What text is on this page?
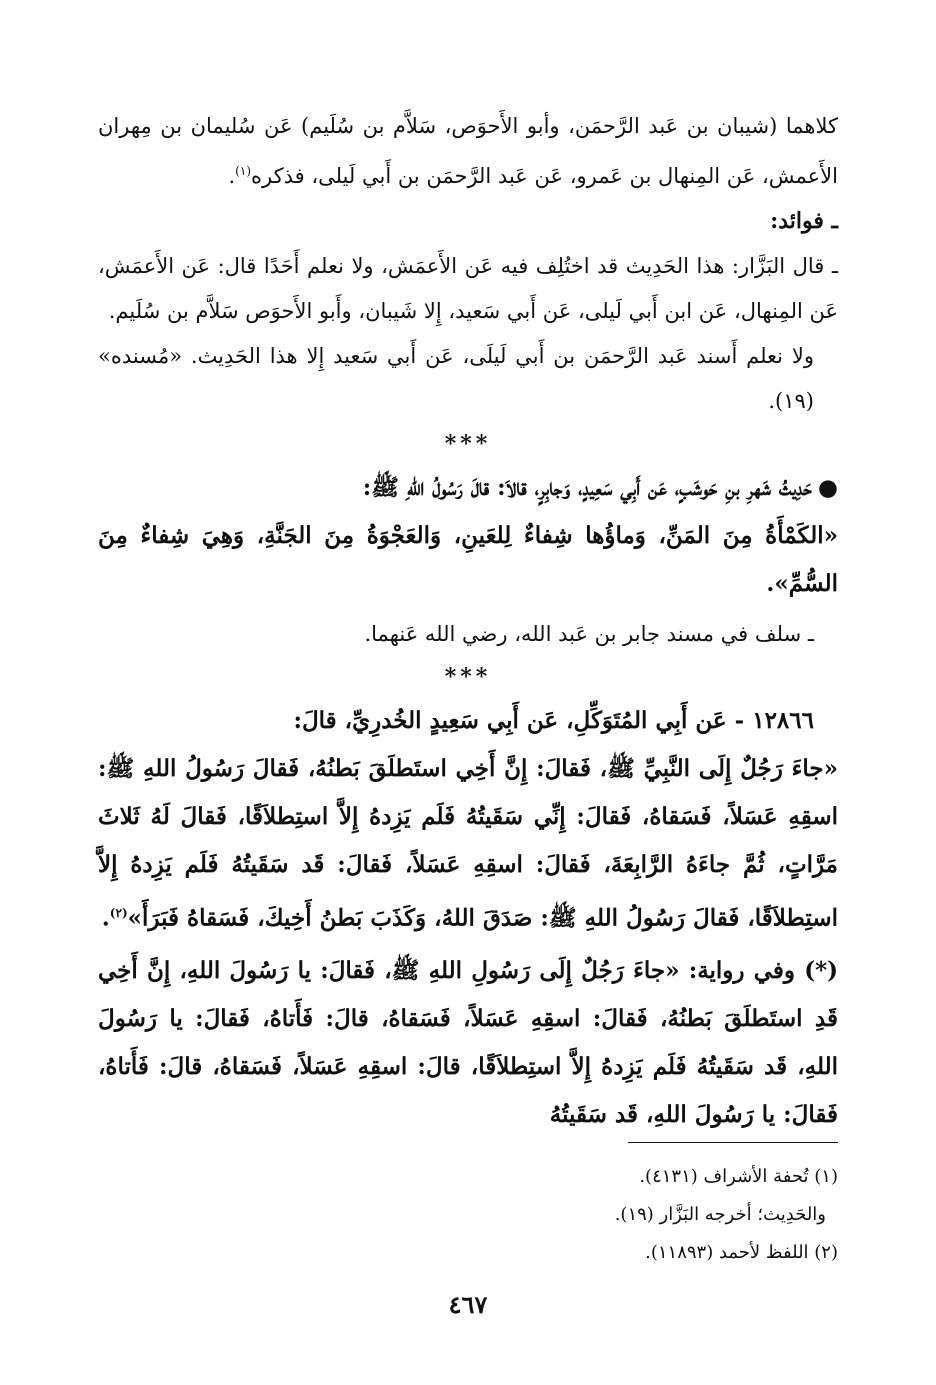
كلاهما (شيبان بن عَبد الرَّحمَن، وأبو الأَحوَص، سَلاَّم بن سُلَيم) عَن سُليمان بن مِهران الأَعمش، عَن المِنهال بن عَمرو، عَن عَبد الرَّحمَن بن أَبي لَيلى، فذكره$^{(١)}$.

ـ فوائد:

ـ قال البَزَّار: هذا الحَدِيث قد اختُلِف فيه عَن الأَعمَش، ولا نعلم أَحَدًا قال: عَن الأَعمَش، عَن المِنهال، عَن ابن أَبي لَيلى، عَن أَبي سَعيد، إِلا شَيبان، وأَبو الأَحوَص سَلاَّم بن سُلَيم.

ولا نعلم أَسند عَبد الرَّحمَن بن أَبي لَيلَى، عَن أَبي سَعيد إِلا هذا الحَدِيث. «مُسنده» (١٩).

***

●حَدِيثُ شَهرِ بنِ حَوشَبٍ، عَن أَبِي سَعِيدٍ، وَجابِرٍ، قالاَ: قالَ رَسُولُ اللهِ ﷺ:

«الكَمْأَةُ مِنَ المَنِّ، وَماؤُها شِفاءٌ لِلعَينِ، وَالعَجْوَةُ مِنَ الجَنَّةِ، وَهِيَ شِفاءٌ مِنَ السُّمِّ».

ـ سلف في مسند جابر بن عَبد الله، رضي الله عَنهما.

***

١٢٨٦٦ - عَن أَبِي المُتَوَكِّلِ، عَن أَبِي سَعِيدٍ الخُدرِيِّ، قالَ:

«جاءَ رَجُلٌ إِلَى النَّبِيِّ ﷺ، فَقالَ: إِنَّ أَخِي استَطلَقَ بَطنُهُ، فَقالَ رَسُولُ اللهِ ﷺ: اسقِهِ عَسَلاً، فَسَقاهُ، فَقالَ: إِنِّي سَقَيتُهُ فَلَم يَزِدهُ إِلاَّ استِطلاَقًا، فَقالَ لَهُ ثَلاثَ مَرَّاتٍ، ثُمَّ جاءَهُ الرَّابِعَةَ، فَقالَ: اسقِهِ عَسَلاً، فَقالَ: قَد سَقَيتُهُ فَلَم يَزِدهُ إِلاَّ استِطلاَقًا، فَقالَ رَسُولُ اللهِ ﷺ: صَدَقَ اللهُ، وَكَذَبَ بَطنُ أَخِيكَ، فَسَقاهُ فَبَرَأَ»$^{(٢)}$.

(*) وفي رواية: «جاءَ رَجُلٌ إِلَى رَسُولِ اللهِ ﷺ، فَقالَ: يا رَسُولَ اللهِ، إِنَّ أَخِي قَدِ استَطلَقَ بَطنُهُ، فَقالَ: اسقِهِ عَسَلاً، فَسَقاهُ، قالَ: فَأَتاهُ، فَقالَ: يا رَسُولَ اللهِ، قَد سَقَيتُهُ فَلَم يَزِدهُ إِلاَّ استِطلاَقًا، قالَ: اسقِهِ عَسَلاً، فَسَقاهُ، قالَ: فَأَتاهُ، فَقالَ: يا رَسُولَ اللهِ، قَد سَقَيتُهُ

(١) تُحفة الأشراف (٤١٣١).

والحَدِيث؛ أخرجه البَزَّار (١٩).

(٢) اللفظ لأحمد (١١٨٩٣).

٤٦٧
